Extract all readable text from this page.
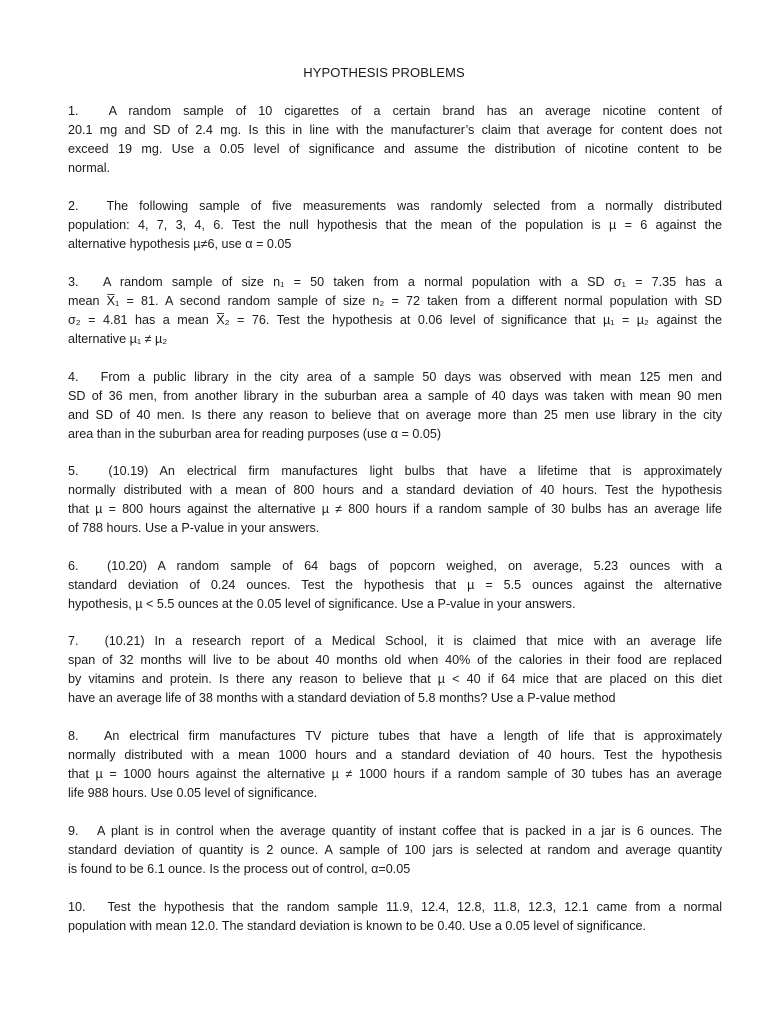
HYPOTHESIS PROBLEMS
1.  A random sample of 10 cigarettes of a certain brand has an average nicotine content of
20.1 mg and SD of 2.4 mg. Is this in line with the manufacturer’s claim that average for content does not
exceed 19 mg. Use a 0.05 level of significance and assume the distribution of nicotine content to be
normal.
2.  The following sample of five measurements was randomly selected from a normally distributed
population: 4, 7, 3, 4, 6. Test the null hypothesis that the mean of the population is µ = 6 against the
alternative hypothesis µ≠6, use α = 0.05
3.  A random sample of size n₁ = 50 taken from a normal population with a SD σ₁ = 7.35 has a
mean X̅₁ = 81. A second random sample of size n₂ = 72 taken from a different normal population with SD
σ₂ = 4.81 has a mean X̅₂ = 76. Test the hypothesis at 0.06 level of significance that µ₁ = µ₂ against the
alternative µ₁ ≠ µ₂
4.  From a public library in the city area of a sample 50 days was observed with mean 125 men and
SD of 36 men, from another library in the suburban area a sample of 40 days was taken with mean 90 men
and SD of 40 men. Is there any reason to believe that on average more than 25 men use library in the city
area than in the suburban area for reading purposes (use α = 0.05)
5.  (10.19) An electrical firm manufactures light bulbs that have a lifetime that is approximately
normally distributed with a mean of 800 hours and a standard deviation of 40 hours. Test the hypothesis
that µ = 800 hours against the alternative µ ≠ 800 hours if a random sample of 30 bulbs has an average life
of 788 hours. Use a P-value in your answers.
6.  (10.20) A random sample of 64 bags of popcorn weighed, on average, 5.23 ounces with a
standard deviation of 0.24 ounces. Test the hypothesis that µ = 5.5 ounces against the alternative
hypothesis, µ < 5.5 ounces at the 0.05 level of significance. Use a P-value in your answers.
7.  (10.21) In a research report of a Medical School, it is claimed that mice with an average life
span of 32 months will live to be about 40 months old when 40% of the calories in their food are replaced
by vitamins and protein. Is there any reason to believe that µ < 40 if 64 mice that are placed on this diet
have an average life of 38 months with a standard deviation of 5.8 months? Use a P-value method
8.  An electrical firm manufactures TV picture tubes that have a length of life that is approximately
normally distributed with a mean 1000 hours and a standard deviation of 40 hours. Test the hypothesis
that µ = 1000 hours against the alternative µ ≠ 1000 hours if a random sample of 30 tubes has an average
life 988 hours. Use 0.05 level of significance.
9.  A plant is in control when the average quantity of instant coffee that is packed in a jar is 6 ounces. The
standard deviation of quantity is 2 ounce. A sample of 100 jars is selected at random and average quantity
is found to be 6.1 ounce. Is the process out of control, α=0.05
10.  Test the hypothesis that the random sample 11.9, 12.4, 12.8, 11.8, 12.3, 12.1 came from a normal
population with mean 12.0. The standard deviation is known to be 0.40. Use a 0.05 level of significance.
